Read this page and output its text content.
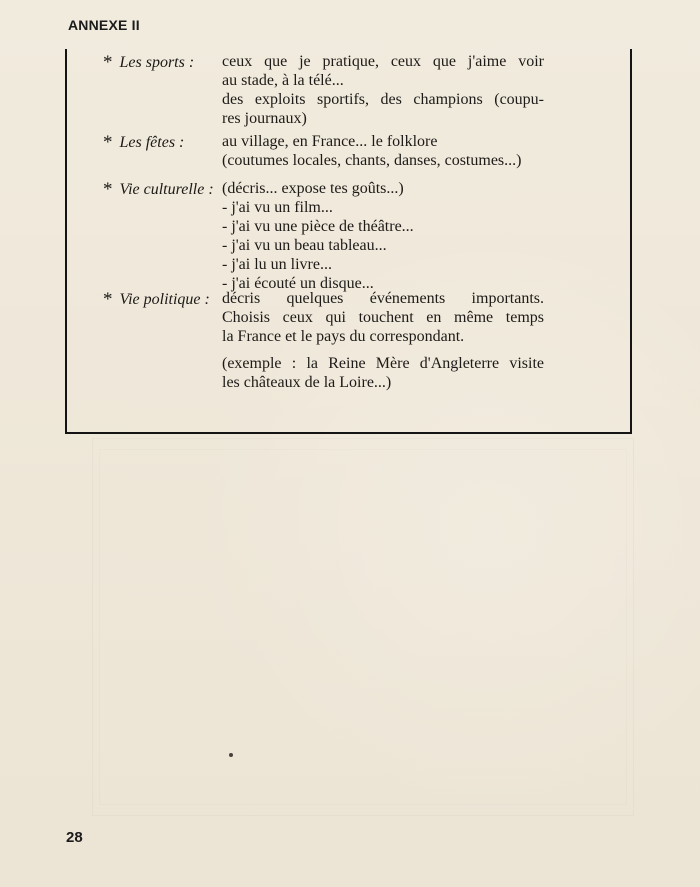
ANNEXE II
* Les sports :	ceux que je pratique, ceux que j'aime voir
au stade, à la télé...
des exploits sportifs, des champions (coupu-
res journaux)
* Les fêtes :	au village, en France... le folklore
(coutumes locales, chants, danses, costumes...)
* Vie culturelle : (décris... expose tes goûts...)
- j'ai vu un film...
- j'ai vu une pièce de théâtre...
- j'ai vu un beau tableau...
- j'ai lu un livre...
- j'ai écouté un disque...
* Vie politique : décris quelques événements importants.
Choisis ceux qui touchent en même temps
la France et le pays du correspondant.
(exemple : la Reine Mère d'Angleterre visite
les châteaux de la Loire...)
28
